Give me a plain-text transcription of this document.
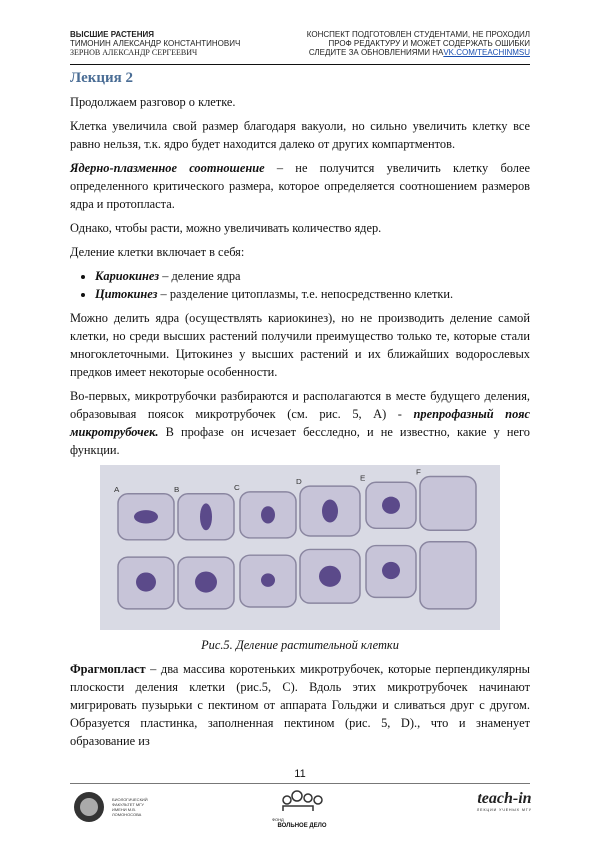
ВЫСШИЕ РАСТЕНИЯ
ТИМОНИН АЛЕКСАНДР КОНСТАНТИНОВИЧ
ЗЕРНОВ АЛЕКСАНДР СЕРГЕЕВИЧ
КОНСПЕКТ ПОДГОТОВЛЕН СТУДЕНТАМИ, НЕ ПРОХОДИЛ
ПРОФ РЕДАКТУРУ И МОЖЕТ СОДЕРЖАТЬ ОШИБКИ
СЛЕДИТЕ ЗА ОБНОВЛЕНИЯМИ НАVK.COM/TEACHINMSU
Лекция 2

Продолжаем разговор о клетке.

Клетка увеличила свой размер благодаря вакуоли, но сильно увеличить клетку все равно нельзя, т.к. ядро будет находится далеко от других компартментов.

Ядерно-плазменное соотношение – не получится увеличить клетку более определенного критического размера, которое определяется соотношением размеров ядра и протопласта.

Однако, чтобы расти, можно увеличивать количество ядер.

Деление клетки включает в себя:

• Кариокинез – деление ядра
• Цитокинез – разделение цитоплазмы, т.е. непосредственно клетки.

Можно делить ядра (осуществлять кариокинез), но не производить деление самой клетки, но среди высших растений получили преимущество только те, которые стали многоклеточными. Цитокинез у высших растений и их ближайших водорослевых предков имеет некоторые особенности.

Во-первых, микротрубочки разбираются и располагаются в месте будущего деления, образовывая поясок микротрубочек (см. рис. 5, А) - препрофазный пояс микротрубочек. В профазе он исчезает бесследно, и не известно, какие у него функции.

A	B	C
D	E
F
Рис.5. Деление растительной клетки

Фрагмопласт – два массива коротеньких микротрубочек, которые перпендикулярны плоскости деления клетки (рис.5, C). Вдоль этих микротрубочек начинают мигрировать пузырьки с пектином от аппарата Гольджи и сливаться друг с другом. Образуется пластинка, заполненная пектином (рис. 5, D)., что и знаменует образование из

11
БИОЛОГИЧЕСКИЙ ФАКУЛЬТЕТ МГУ ИМЕНИ М.В. ЛОМОНОСОВА
ФОНД
ВОЛЬНОЕ ДЕЛО
teach-in
ЛЕКЦИИ УЧЕНЫХ МГУ
